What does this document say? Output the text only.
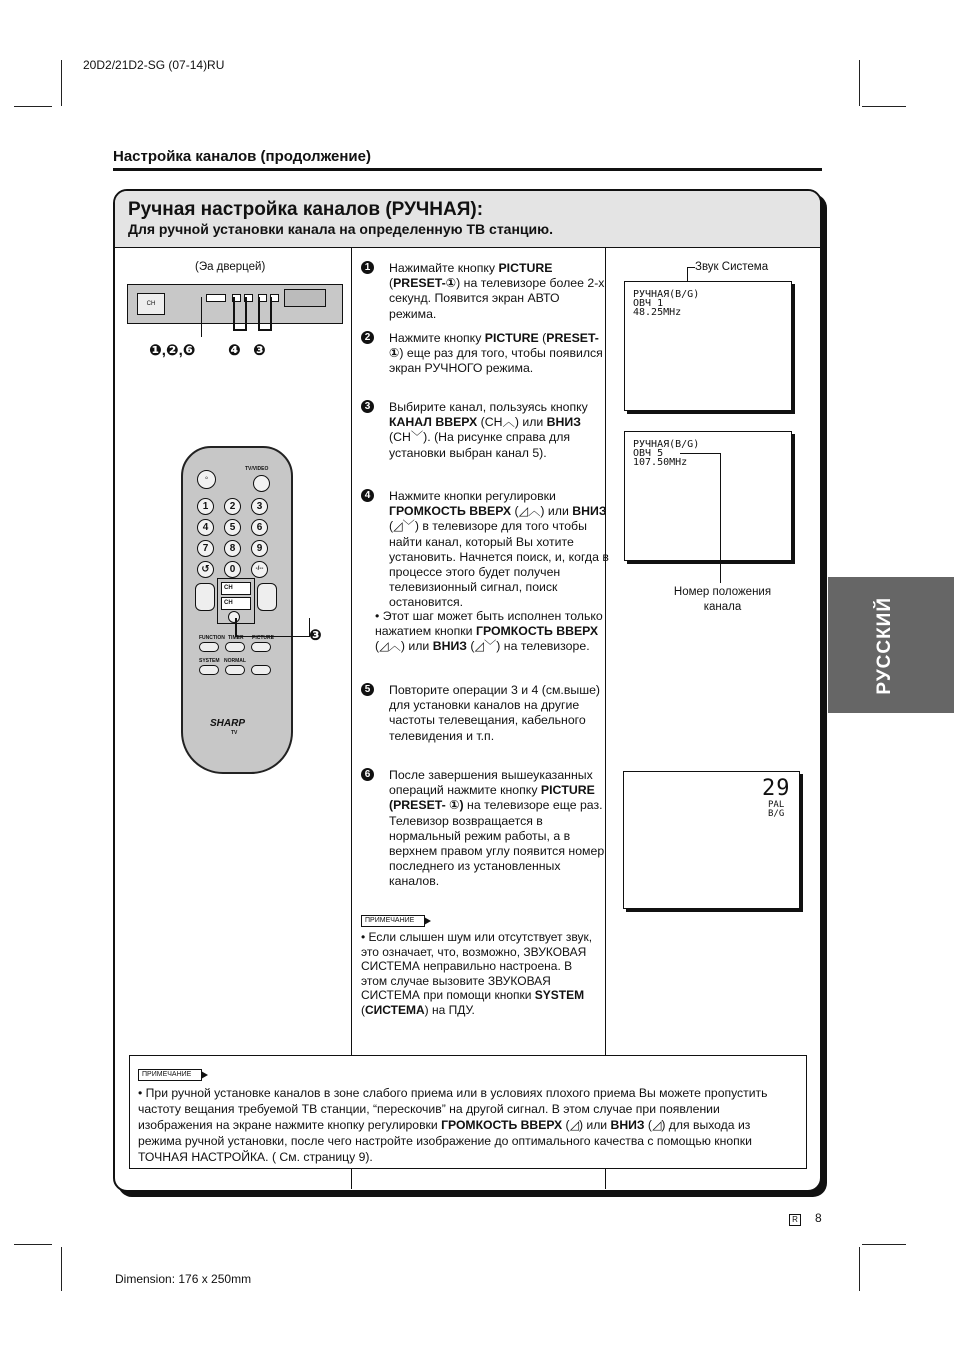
20D2/21D2-SG (07-14)RU
Настройка каналов (продолжение)
Ручная настройка каналов (РУЧНАЯ):
Для ручной установки канала на определенную ТВ станцию.
(Эа дверцей)
CH
❶,❷,❻ ❹ ❸
◦
TV/VIDEO
1	2	3
4	5	6
7	8	9
↺	0	-/--
CH
CH
FUNCTION TIMER PICTURE
SYSTEM NORMAL
SHARP
TV
❸
1	Нажимайте кнопку PICTURE (PRESET-①) на телевизоре более 2-х секунд. Появится экран АВТО режима.
2	Нажмите кнопку PICTURE (PRESET-①) еще раз для того, чтобы появился экран РУЧНОГО режима.
3	Выбирите канал, пользуясь кнопку КАНАЛ ВВЕРХ (CH︿) или ВНИЗ (CH﹀). (На рисунке справа для установки выбран канал 5).
4	Нажмите кнопки регулировки ГРОМКОСТЬ ВВЕРХ (◿︿) или ВНИЗ (◿﹀) в телевизоре для того чтобы найти канал, который Вы хотите установить. Начнется поиск, и, когда в процессе этого будет получен телевизионный сигнал, поиск остановится.
• Этот шаг может быть исполнен только нажатием кнопки ГРОМКОСТЬ ВВЕРХ (◿︿) или ВНИЗ (◿﹀) на телевизоре.
5	Повторите операции 3 и 4 (см.выше) для установки каналов на другие частоты телевещания, кабельного телевидения и т.п.
6	После завершения вышеуказанных операций нажмите кнопку PICTURE (PRESET- ①) на телевизоре еще раз. Телевизор возвращается в нормальный режим работы, а в верхнем правом углу появится номер последнего из установленных каналов.
ПРИМЕЧАНИЕ
• Если слышен шум или отсутствует звук, это означает, что, возможно, ЗВУКОВАЯ СИСТЕМА неправильно настроена. В этом случае вызовите ЗВУКОВАЯ СИСТЕМА при помощи кнопки SYSTEM (СИСТЕМА) на ПДУ.
Звук Система
РУЧНАЯ(B/G)
ОВЧ 1
48.25MHz
РУЧНАЯ(B/G)
ОВЧ 5
107.50MHz
Номер положения
канала
29
PAL
B/G
ПРИМЕЧАНИЕ
• При ручной установке каналов в зоне слабого приема или в условиях плохого приема Вы можете пропустить частоту вещания требуемой ТВ станции, “перескочив” на другой сигнал. В этом случае при появлении изображения на экране нажмите кнопку регулировки ГРОМКОСТЬ ВВЕРХ (◿) или ВНИЗ (◿) для выхода из режима ручной установки, после чего настройте изображение до оптимального качества с помощью кнопки ТОЧНАЯ НАСТРОЙКА. ( См. страницу 9).
РУССКИЙ
R 8
Dimension: 176 x 250mm
